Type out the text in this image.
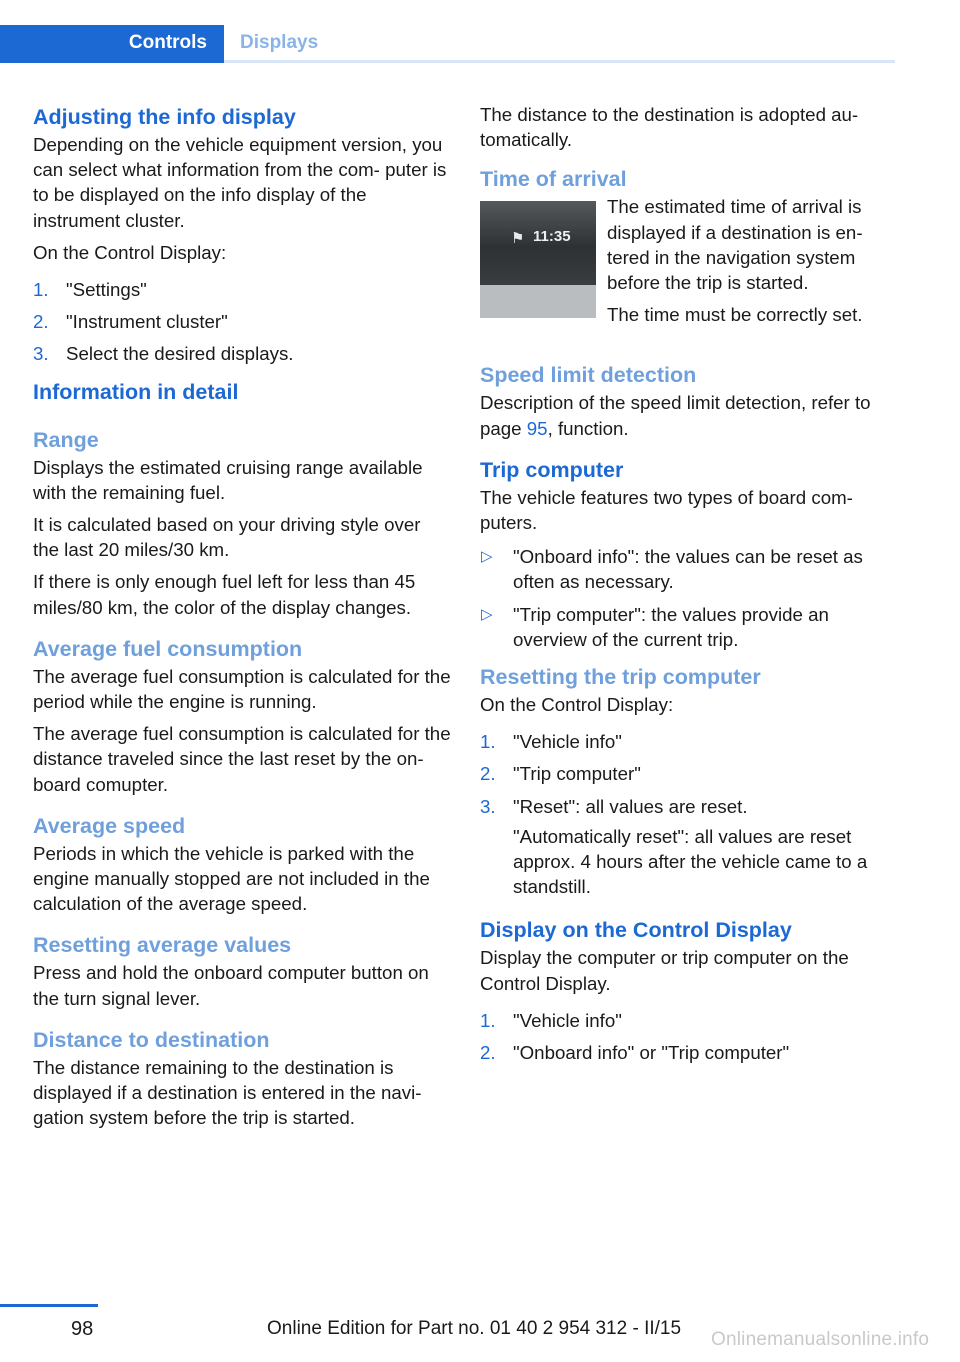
Controls	Displays
Adjusting the info display

Depending on the vehicle equipment version, you can select what information from the com‐ puter is to be displayed on the info display of the instrument cluster.

On the Control Display:

1. "Settings"
2. "Instrument cluster"
3. Select the desired displays.
Information in detail
Range

Displays the estimated cruising range available with the remaining fuel.

It is calculated based on your driving style over the last 20 miles/30 km.

If there is only enough fuel left for less than 45 miles/80 km, the color of the display changes.

Average fuel consumption

The average fuel consumption is calculated for the period while the engine is running.

The average fuel consumption is calculated for the distance traveled since the last reset by the on-board comupter.

Average speed

Periods in which the vehicle is parked with the engine manually stopped are not included in the calculation of the average speed.

Resetting average values

Press and hold the onboard computer button on the turn signal lever.

Distance to destination

The distance remaining to the destination is displayed if a destination is entered in the navi‐ gation system before the trip is started.

The distance to the destination is adopted au‐ tomatically.

Time of arrival
⚑ 11:35

The estimated time of arrival is displayed if a destination is en‐ tered in the navigation system before the trip is started.

The time must be correctly set.

Speed limit detection

Description of the speed limit detection, refer to page 95, function.

Trip computer

The vehicle features two types of board com‐ puters.

▷ "Onboard info": the values can be reset as often as necessary.
▷ "Trip computer": the values provide an overview of the current trip.
Resetting the trip computer

On the Control Display:

1. "Vehicle info"
2. "Trip computer"
3. "Reset": all values are reset.
"Automatically reset": all values are reset approx. 4 hours after the vehicle came to a standstill.
Display on the Control Display

Display the computer or trip computer on the Control Display.

1. "Vehicle info"
2. "Onboard info" or "Trip computer"
98	Online Edition for Part no. 01 40 2 954 312 - II/15
Onlinemanualsonline.info
